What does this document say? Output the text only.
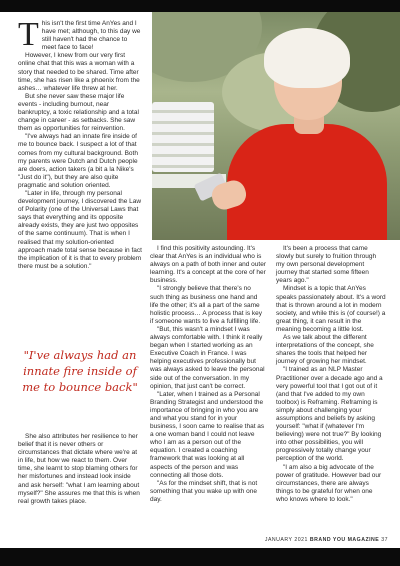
This isn't the first time AnYes and I have met; although, to this day we still haven't had the chance to meet face to face!

However, I knew from our very first online chat that this was a woman with a story that needed to be shared. Time after time, she has risen like a phoenix from the ashes… whatever life threw at her.

But she never saw these major life events - including burnout, near bankruptcy, a toxic relationship and a total change in career - as setbacks. She saw them as opportunities for reinvention.

"I've always had an innate fire inside of me to bounce back. I suspect a lot of that comes from my cultural background. Both my parents were Dutch and Dutch people are doers, action takers (a bit a la Nike's "Just do it"), but they are also quite pragmatic and solution oriented.

"Later in life, through my personal development journey, I discovered the Law of Polarity (one of the Universal Laws that says that everything and its opposite already exists, they are just two opposites of the same continuum). That is when I realised that my solution-oriented approach made total sense because in fact the implication of it is that to every problem there must be a solution."

"I've always had an innate fire inside of me to bounce back"

She also attributes her resilience to her belief that it is never others or circumstances that dictate where we're at in life, but how we react to them. Over time, she learnt to stop blaming others for her misfortunes and instead look inside and ask herself: "what I am learning about myself?" She assures me that this is when real growth takes place.

I find this positivity astounding. It's clear that AnYes is an individual who is always on a path of both inner and outer learning. It's a concept at the core of her business.

"I strongly believe that there's no such thing as business one hand and life the other; it's all a part of the same holistic process… A process that is key if someone wants to live a fulfilling life.

"But, this wasn't a mindset I was always comfortable with. I think it really began when I started working as an Executive Coach in France. I was helping executives professionally but was always asked to leave the personal side out of the conversation. In my opinion, that just can't be correct.

"Later, when I trained as a Personal Branding Strategist and understood the importance of bringing in who you are and what you stand for in your business, I soon came to realise that as a one woman band I could not leave who I am as a person out of the equation. I created a coaching framework that was looking at all aspects of the person and was connecting all those dots.

"As for the mindset shift, that is not something that you wake up with one day.

It's been a process that came slowly but surely to fruition through my own personal development journey that started some fifteen years ago."

Mindset is a topic that AnYes speaks passionately about. It's a word that is thrown around a lot in modern society, and while this is (of course!) a great thing, it can result in the meaning becoming a little lost.

As we talk about the different interpretations of the concept, she shares the tools that helped her journey of growing her mindset.

"I trained as an NLP Master Practitioner over a decade ago and a very powerful tool that I got out of it (and that I've added to my own toolbox) is Reframing. Reframing is simply about challenging your assumptions and beliefs by asking yourself: "what if (whatever I'm believing) were not true?" By looking into other possibilities, you will progressively totally change your perception of the world.

"I am also a big advocate of the power of gratitude. However bad our circumstances, there are always things to be grateful for when one who knows where to look."

JANUARY 2021 BRAND YOU MAGAZINE 37
